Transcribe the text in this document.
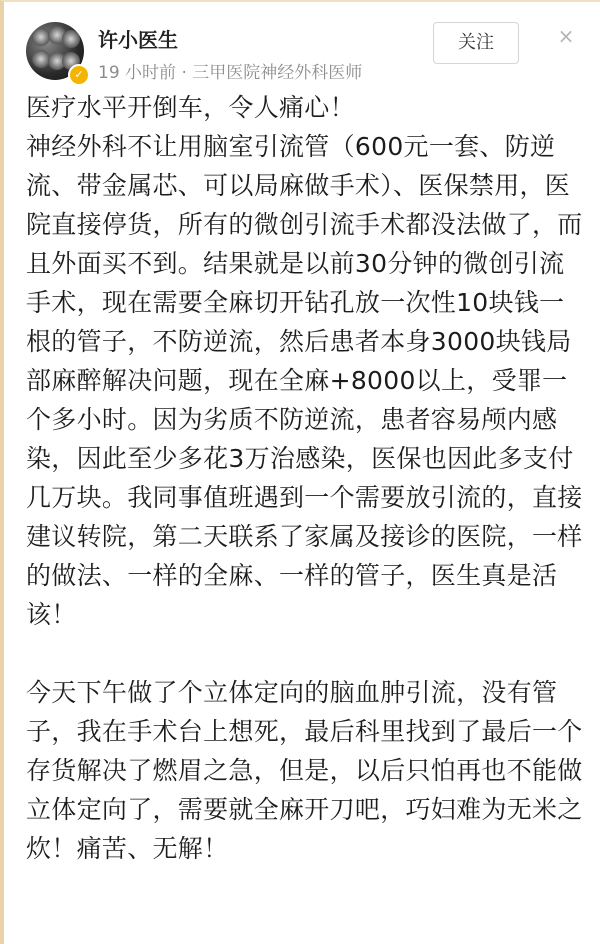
✓
许小医生
19 小时前 · 三甲医院神经外科医师
关注	×

医疗水平开倒车，令人痛心！

神经外科不让用脑室引流管（600元一套、防逆流、带金属芯、可以局麻做手术）、医保禁用，医院直接停货，所有的微创引流手术都没法做了，而且外面买不到。结果就是以前30分钟的微创引流手术，现在需要全麻切开钻孔放一次性10块钱一根的管子，不防逆流，然后患者本身3000块钱局部麻醉解决问题，现在全麻+8000以上，受罪一个多小时。因为劣质不防逆流，患者容易颅内感染，因此至少多花3万治感染，医保也因此多支付几万块。我同事值班遇到一个需要放引流的，直接建议转院，第二天联系了家属及接诊的医院，一样的做法、一样的全麻、一样的管子，医生真是活该！

今天下午做了个立体定向的脑血肿引流，没有管子，我在手术台上想死，最后科里找到了最后一个存货解决了燃眉之急，但是，以后只怕再也不能做立体定向了，需要就全麻开刀吧，巧妇难为无米之炊！痛苦、无解！
